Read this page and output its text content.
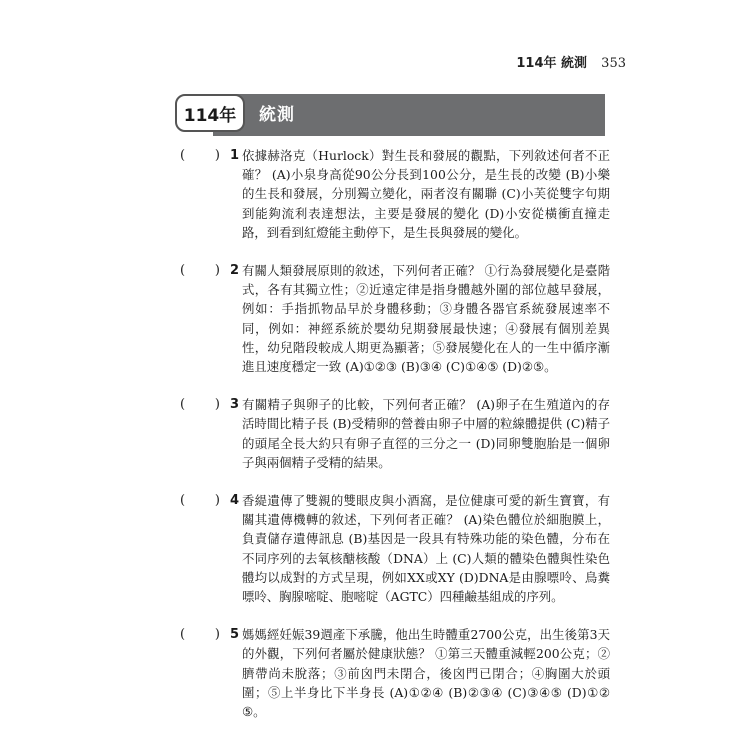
114年 統測 353
114年	統測
( ) 1 依據赫洛克（Hurlock）對生長和發展的觀點，下列敘述何者不正確？ (A)小泉身高從90公分長到100公分，是生長的改變 (B)小樂的生長和發展，分別獨立變化，兩者沒有關聯 (C)小芙從雙字句期到能夠流利表達想法，主要是發展的變化 (D)小安從橫衝直撞走路，到看到紅燈能主動停下，是生長與發展的變化。
( ) 2 有關人類發展原則的敘述，下列何者正確？ ①行為發展變化是臺階式，各有其獨立性；②近遠定律是指身體越外圍的部位越早發展，例如：手指抓物品早於身體移動；③身體各器官系統發展速率不同，例如：神經系統於嬰幼兒期發展最快速；④發展有個別差異性，幼兒階段較成人期更為顯著；⑤發展變化在人的一生中循序漸進且速度穩定一致 (A)①②③ (B)③④ (C)①④⑤ (D)②⑤。
( ) 3 有關精子與卵子的比較，下列何者正確？ (A)卵子在生殖道內的存活時間比精子長 (B)受精卵的營養由卵子中層的粒線體提供 (C)精子的頭尾全長大約只有卵子直徑的三分之一 (D)同卵雙胞胎是一個卵子與兩個精子受精的結果。
( ) 4 香緹遺傳了雙親的雙眼皮與小酒窩，是位健康可愛的新生寶寶，有關其遺傳機轉的敘述，下列何者正確？ (A)染色體位於細胞膜上，負責儲存遺傳訊息 (B)基因是一段具有特殊功能的染色體，分布在不同序列的去氧核醣核酸（DNA）上 (C)人類的體染色體與性染色體均以成對的方式呈現，例如XX或XY (D)DNA是由腺嘌呤、鳥糞嘌呤、胸腺嘧啶、胞嘧啶（AGTC）四種鹼基組成的序列。
( ) 5 媽媽經妊娠39週產下承騰，他出生時體重2700公克，出生後第3天的外觀，下列何者屬於健康狀態？ ①第三天體重減輕200公克；②臍帶尚未脫落；③前囟門未閉合，後囟門已閉合；④胸圍大於頭圍；⑤上半身比下半身長 (A)①②④ (B)②③④ (C)③④⑤ (D)①②⑤。
